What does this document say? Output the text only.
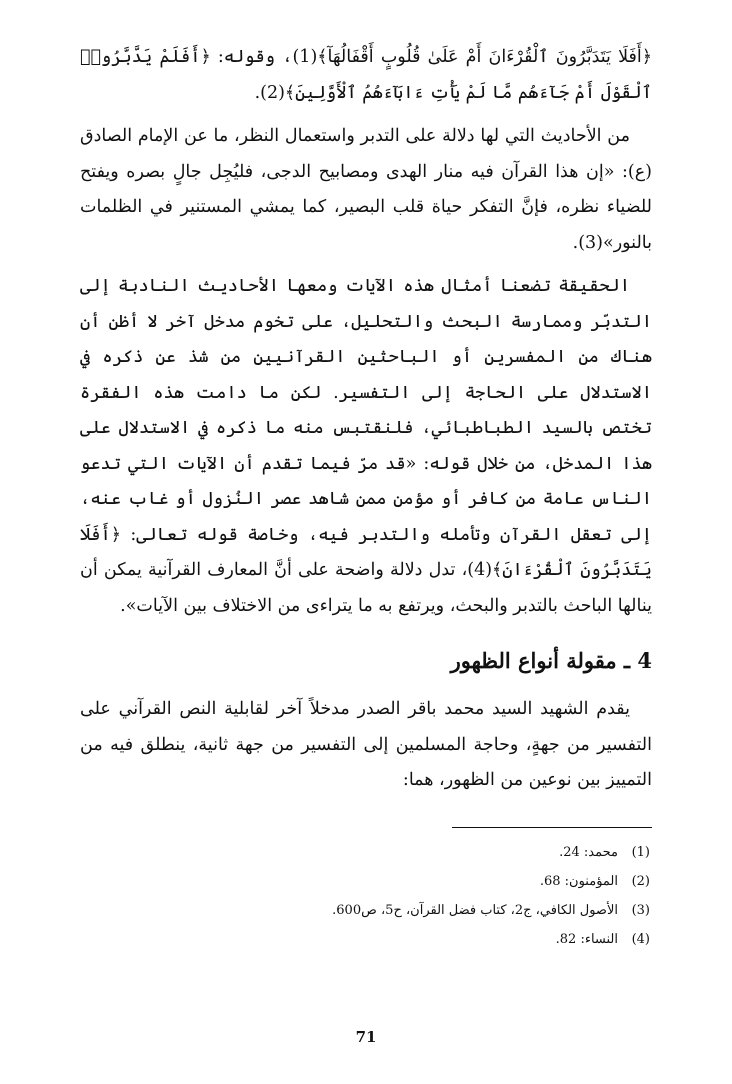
﴿أَفَلَا يَتَدَبَّرُونَ ٱلْقُرْءَانَ أَمْ عَلَىٰ قُلُوبٍ أَقْفَالُهَآ﴾(1)، وقوله: ﴿أَفَلَمْ يَدَّبَّرُوا۟ ٱلْقَوْلَ أَمْ جَآءَهُم مَّا لَمْ يَأْتِ ءَابَآءَهُمُ ٱلْأَوَّلِينَ﴾(2).

من الأحاديث التي لها دلالة على التدبر واستعمال النظر، ما عن الإمام الصادق (ع): «إن هذا القرآن فيه منار الهدى ومصابيح الدجى، فليُجِل جالٍ بصره ويفتح للضياء نظره، فإنَّ التفكر حياة قلب البصير، كما يمشي المستنير في الظلمات بالنور»(3).

الحقيقة تضعنا أمثال هذه الآيات ومعها الأحاديث النادبة إلى التدبّر وممارسة البحث والتحليل، على تخوم مدخل آخر لا أظن أن هناك من المفسرين أو الباحثين القرآنيين من شذ عن ذكره في الاستدلال على الحاجة إلى التفسير. لكن ما دامت هذه الفقرة تختص بالسيد الطباطبائي، فلنقتبس منه ما ذكره في الاستدلال على هذا المدخل، من خلال قوله: «قد مرّ فيما تقدم أن الآيات التي تدعو الناس عامة من كافر أو مؤمن ممن شاهد عصر النُزول أو غاب عنه، إلى تعقل القرآن وتأمله والتدبر فيه، وخاصة قوله تعالى: ﴿أَفَلَا يَتَدَبَّرُونَ ٱلْقُرْءَانَ﴾(4)، تدل دلالة واضحة على أنَّ المعارف القرآنية يمكن أن ينالها الباحث بالتدبر والبحث، ويرتفع به ما يتراءى من الاختلاف بين الآيات».

4 ـ مقولة أنواع الظهور

يقدم الشهيد السيد محمد باقر الصدر مدخلاً آخر لقابلية النص القرآني على التفسير من جهةٍ، وحاجة المسلمين إلى التفسير من جهة ثانية، ينطلق فيه من التمييز بين نوعين من الظهور، هما:

(1)
محمد: 24.
(2)
المؤمنون: 68.
(3)
الأصول الكافي، ج2، كتاب فضل القرآن، ح5، ص600.
(4)
النساء: 82.
71
